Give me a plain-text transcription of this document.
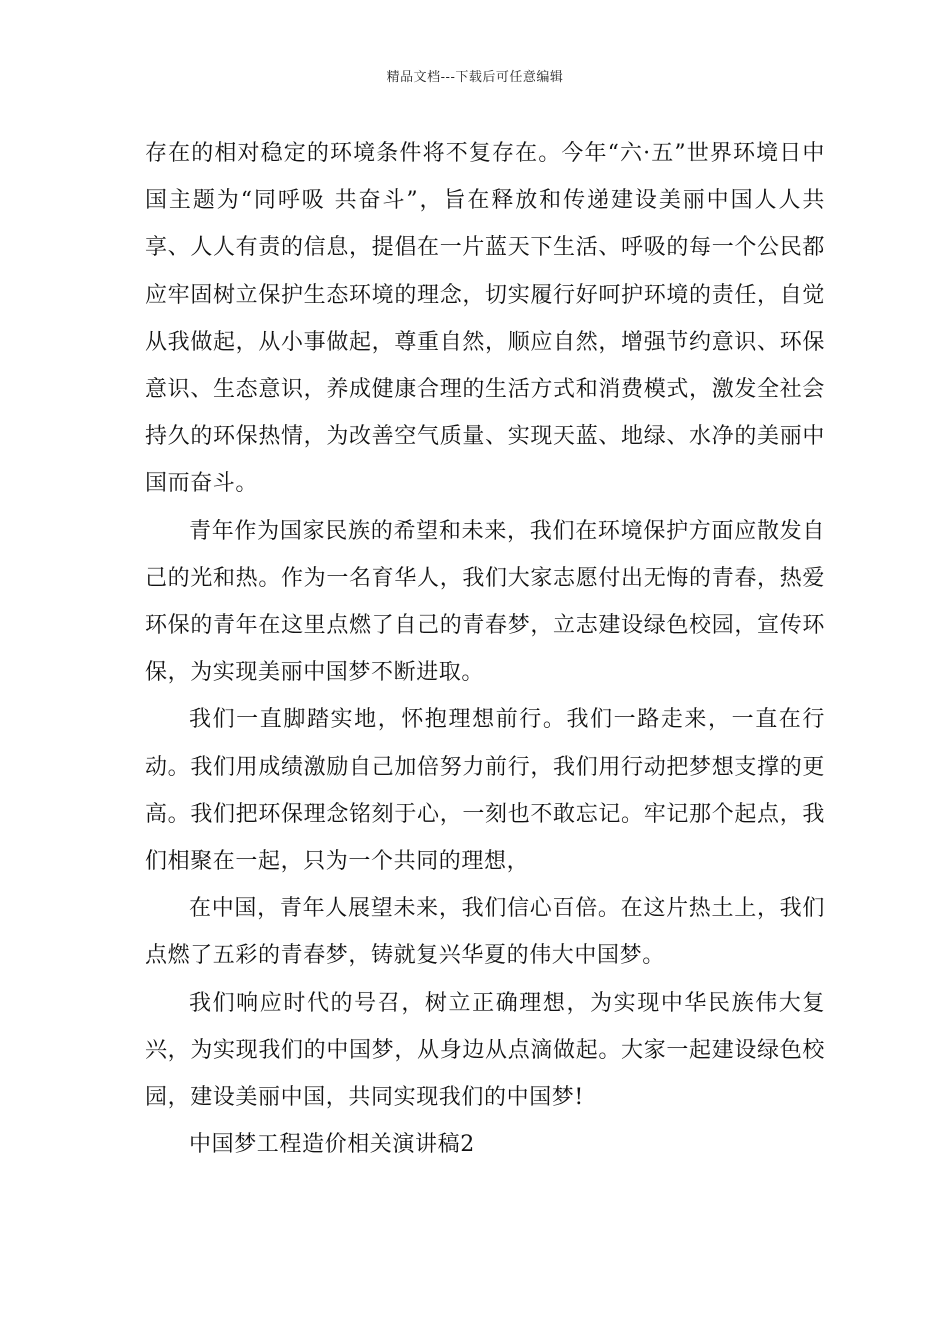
精品文档---下载后可任意编辑

存在的相对稳定的环境条件将不复存在。今年“六·五”世界环境日中国主题为“同呼吸 共奋斗”，旨在释放和传递建设美丽中国人人共享、人人有责的信息，提倡在一片蓝天下生活、呼吸的每一个公民都应牢固树立保护生态环境的理念，切实履行好呵护环境的责任，自觉从我做起，从小事做起，尊重自然，顺应自然，增强节约意识、环保意识、生态意识，养成健康合理的生活方式和消费模式，激发全社会持久的环保热情，为改善空气质量、实现天蓝、地绿、水净的美丽中国而奋斗。

青年作为国家民族的希望和未来，我们在环境保护方面应散发自己的光和热。作为一名育华人，我们大家志愿付出无悔的青春，热爱环保的青年在这里点燃了自己的青春梦，立志建设绿色校园，宣传环保，为实现美丽中国梦不断进取。

我们一直脚踏实地，怀抱理想前行。我们一路走来，一直在行动。我们用成绩激励自己加倍努力前行，我们用行动把梦想支撑的更高。我们把环保理念铭刻于心，一刻也不敢忘记。牢记那个起点，我们相聚在一起，只为一个共同的理想，

在中国，青年人展望未来，我们信心百倍。在这片热土上，我们点燃了五彩的青春梦，铸就复兴华夏的伟大中国梦。

我们响应时代的号召，树立正确理想，为实现中华民族伟大复兴，为实现我们的中国梦，从身边从点滴做起。大家一起建设绿色校园，建设美丽中国，共同实现我们的中国梦!

中国梦工程造价相关演讲稿2
